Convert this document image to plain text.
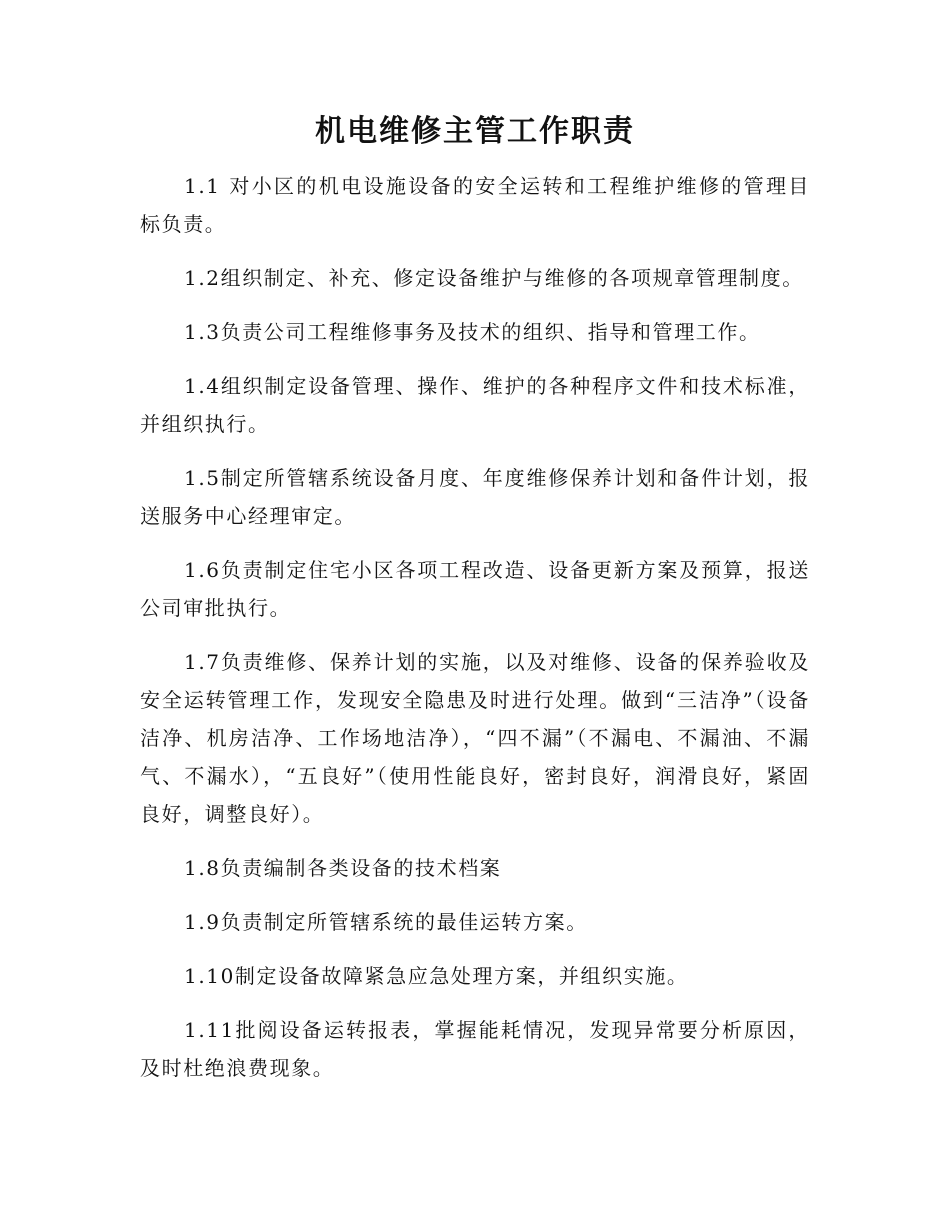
机电维修主管工作职责

1.1 对小区的机电设施设备的安全运转和工程维护维修的管理目标负责。

1.2组织制定、补充、修定设备维护与维修的各项规章管理制度。

1.3负责公司工程维修事务及技术的组织、指导和管理工作。

1.4组织制定设备管理、操作、维护的各种程序文件和技术标准，并组织执行。

1.5制定所管辖系统设备月度、年度维修保养计划和备件计划，报送服务中心经理审定。

1.6负责制定住宅小区各项工程改造、设备更新方案及预算，报送公司审批执行。

1.7负责维修、保养计划的实施，以及对维修、设备的保养验收及安全运转管理工作，发现安全隐患及时进行处理。做到“三洁净”（设备洁净、机房洁净、工作场地洁净），“四不漏”（不漏电、不漏油、不漏气、不漏水），“五良好”（使用性能良好，密封良好，润滑良好，紧固良好，调整良好）。

1.8负责编制各类设备的技术档案

1.9负责制定所管辖系统的最佳运转方案。

1.10制定设备故障紧急应急处理方案，并组织实施。

1.11批阅设备运转报表，掌握能耗情况，发现异常要分析原因，及时杜绝浪费现象。
